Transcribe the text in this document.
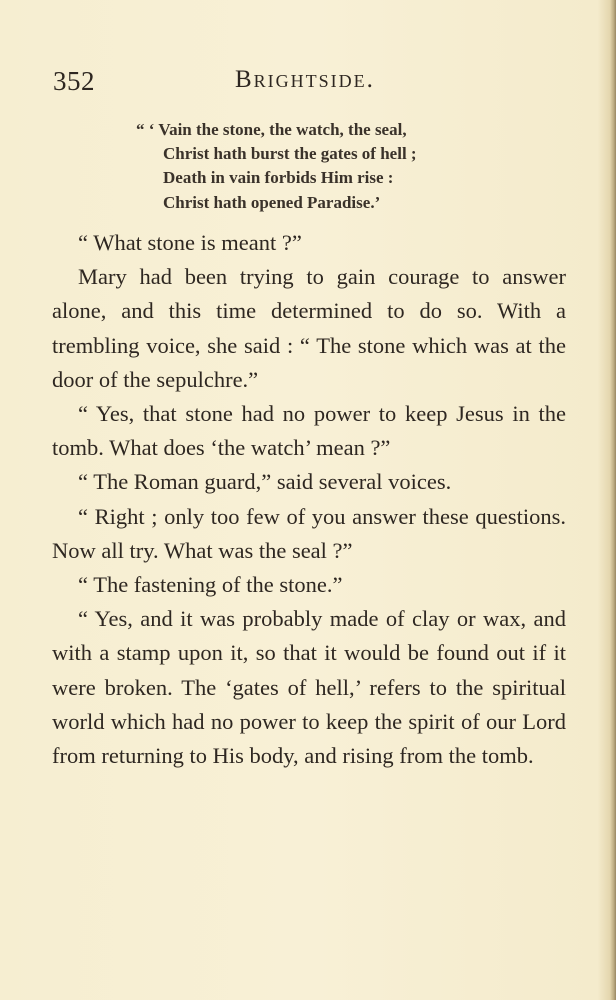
352	Brightside.
“ ‘ Vain the stone, the watch, the seal,
Christ hath burst the gates of hell ;
Death in vain forbids Him rise :
Christ hath opened Paradise.’

“ What stone is meant ?”

Mary had been trying to gain courage to answer alone, and this time determined to do so. With a trembling voice, she said : “ The stone which was at the door of the sepulchre.”

“ Yes, that stone had no power to keep Jesus in the tomb. What does ‘the watch’ mean ?”

“ The Roman guard,” said several voices.

“ Right ; only too few of you answer these questions. Now all try. What was the seal ?”

“ The fastening of the stone.”

“ Yes, and it was probably made of clay or wax, and with a stamp upon it, so that it would be found out if it were broken. The ‘gates of hell,’ refers to the spiritual world which had no power to keep the spirit of our Lord from returning to His body, and rising from the tomb.
